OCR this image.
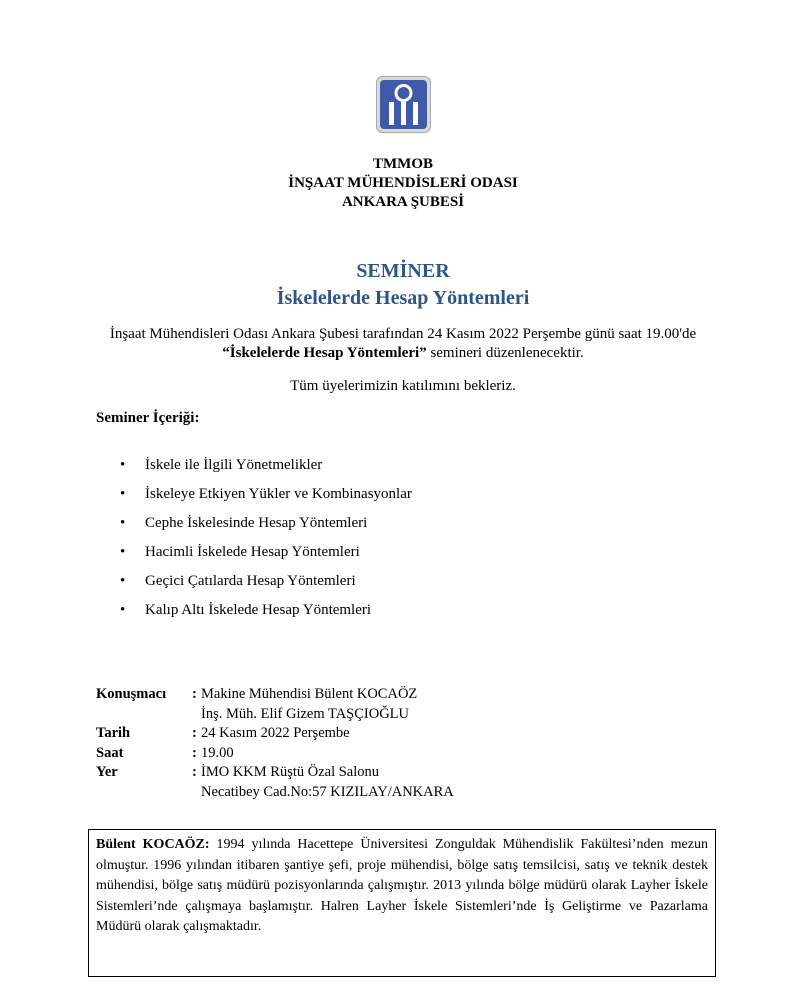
TMMOB
İNŞAAT MÜHENDİSLERİ ODASI
ANKARA ŞUBESİ
SEMİNER
İskelelerde Hesap Yöntemleri
İnşaat Mühendisleri Odası Ankara Şubesi tarafından 24 Kasım 2022 Perşembe günü saat 19.00'de “İskelelerde Hesap Yöntemleri” semineri düzenlenecektir.
Tüm üyelerimizin katılımını bekleriz.
Seminer İçeriği:
• İskele ile İlgili Yönetmelikler
• İskeleye Etkiyen Yükler ve Kombinasyonlar
• Cephe İskelesinde Hesap Yöntemleri
• Hacimli İskelede Hesap Yöntemleri
• Geçici Çatılarda Hesap Yöntemleri
• Kalıp Altı İskelede Hesap Yöntemleri
Konuşmacı	: Makine Mühendisi Bülent KOCAÖZ
İnş. Müh. Elif Gizem TAŞÇIOĞLU
Tarih	: 24 Kasım 2022 Perşembe
Saat	: 19.00
Yer	: İMO KKM Rüştü Özal Salonu
Necatibey Cad.No:57 KIZILAY/ANKARA
Bülent KOCAÖZ: 1994 yılında Hacettepe Üniversitesi Zonguldak Mühendislik Fakültesi’nden mezun olmuştur. 1996 yılından itibaren şantiye şefi, proje mühendisi, bölge satış temsilcisi, satış ve teknik destek mühendisi, bölge satış müdürü pozisyonlarında çalışmıştır. 2013 yılında bölge müdürü olarak Layher İskele Sistemleri’nde çalışmaya başlamıştır. Halren Layher İskele Sistemleri’nde İş Geliştirme ve Pazarlama Müdürü olarak çalışmaktadır.
